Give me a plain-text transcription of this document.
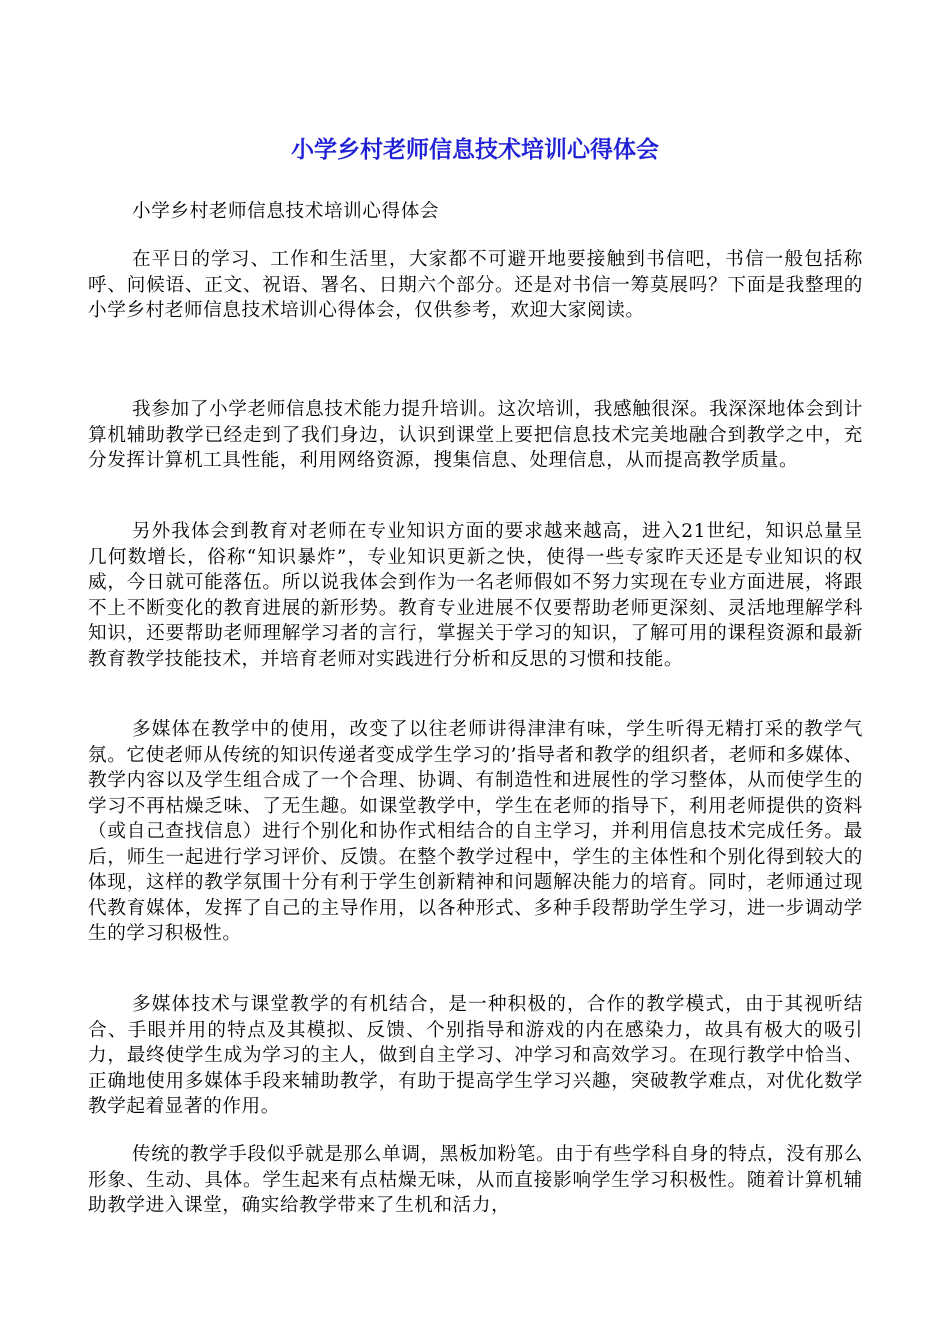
小学乡村老师信息技术培训心得体会

小学乡村老师信息技术培训心得体会

在平日的学习、工作和生活里，大家都不可避开地要接触到书信吧，书信一般包括称呼、问候语、正文、祝语、署名、日期六个部分。还是对书信一筹莫展吗？下面是我整理的小学乡村老师信息技术培训心得体会，仅供参考，欢迎大家阅读。

我参加了小学老师信息技术能力提升培训。这次培训，我感触很深。我深深地体会到计算机辅助教学已经走到了我们身边，认识到课堂上要把信息技术完美地融合到教学之中，充分发挥计算机工具性能，利用网络资源，搜集信息、处理信息，从而提高教学质量。

另外我体会到教育对老师在专业知识方面的要求越来越高，进入21世纪，知识总量呈几何数增长，俗称“知识暴炸”，专业知识更新之快，使得一些专家昨天还是专业知识的权威，今日就可能落伍。所以说我体会到作为一名老师假如不努力实现在专业方面进展，将跟不上不断变化的教育进展的新形势。教育专业进展不仅要帮助老师更深刻、灵活地理解学科知识，还要帮助老师理解学习者的言行，掌握关于学习的知识，了解可用的课程资源和最新教育教学技能技术，并培育老师对实践进行分析和反思的习惯和技能。

多媒体在教学中的使用，改变了以往老师讲得津津有味，学生听得无精打采的教学气氛。它使老师从传统的知识传递者变成学生学习的’指导者和教学的组织者，老师和多媒体、教学内容以及学生组合成了一个合理、协调、有制造性和进展性的学习整体，从而使学生的学习不再枯燥乏味、了无生趣。如课堂教学中，学生在老师的指导下，利用老师提供的资料（或自己查找信息）进行个别化和协作式相结合的自主学习，并利用信息技术完成任务。最后，师生一起进行学习评价、反馈。在整个教学过程中，学生的主体性和个别化得到较大的体现，这样的教学氛围十分有利于学生创新精神和问题解决能力的培育。同时，老师通过现代教育媒体，发挥了自己的主导作用，以各种形式、多种手段帮助学生学习，进一步调动学生的学习积极性。

多媒体技术与课堂教学的有机结合，是一种积极的，合作的教学模式，由于其视听结合、手眼并用的特点及其模拟、反馈、个别指导和游戏的内在感染力，故具有极大的吸引力，最终使学生成为学习的主人，做到自主学习、冲学习和高效学习。在现行教学中恰当、正确地使用多媒体手段来辅助教学，有助于提高学生学习兴趣，突破教学难点，对优化数学教学起着显著的作用。

传统的教学手段似乎就是那么单调，黑板加粉笔。由于有些学科自身的特点，没有那么形象、生动、具体。学生起来有点枯燥无味，从而直接影响学生学习积极性。随着计算机辅助教学进入课堂，确实给教学带来了生机和活力，
